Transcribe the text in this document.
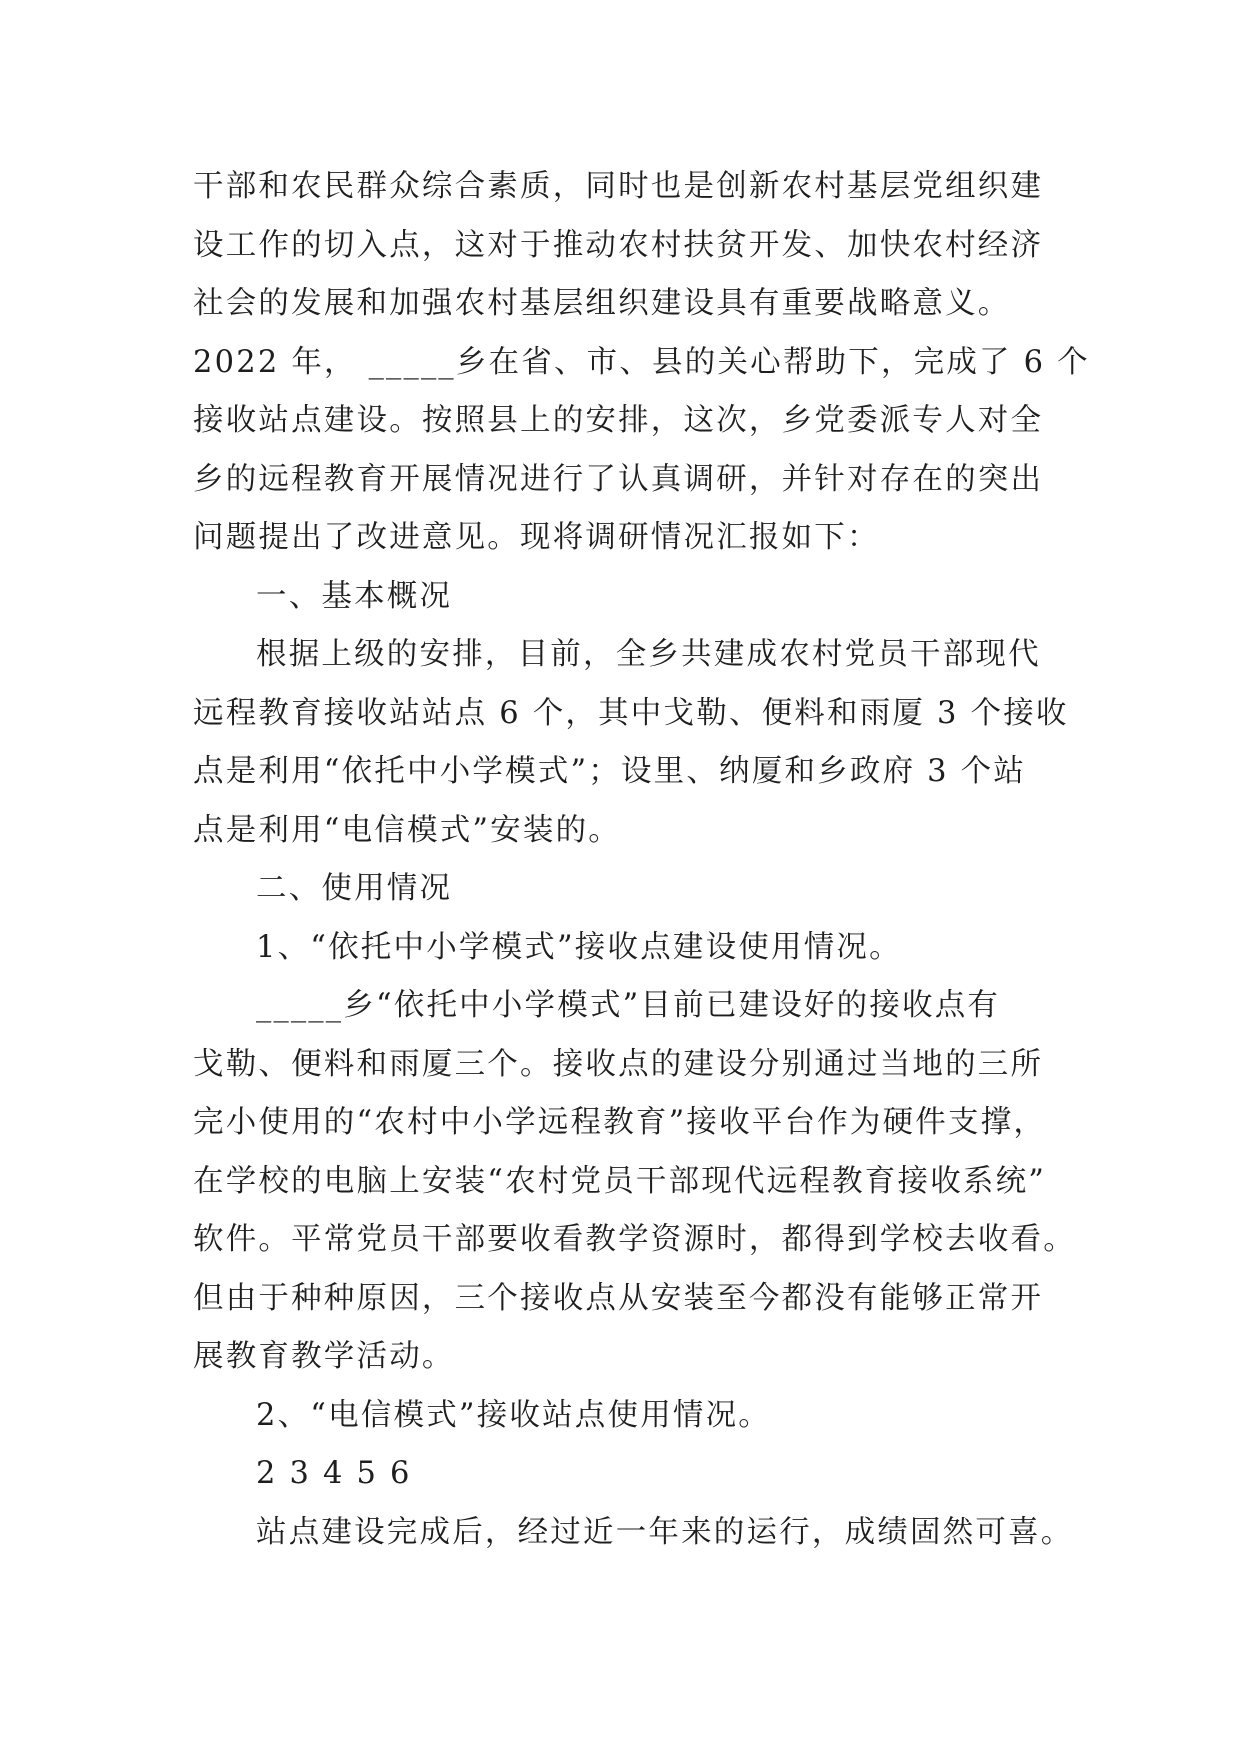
干部和农民群众综合素质，同时也是创新农村基层党组织建
设工作的切入点，这对于推动农村扶贫开发、加快农村经济
社会的发展和加强农村基层组织建设具有重要战略意义。
2022 年， _____乡在省、市、县的关心帮助下，完成了 6 个
接收站点建设。按照县上的安排，这次，乡党委派专人对全
乡的远程教育开展情况进行了认真调研，并针对存在的突出
问题提出了改进意见。现将调研情况汇报如下：
一、基本概况
根据上级的安排，目前，全乡共建成农村党员干部现代
远程教育接收站站点 6 个，其中戈勒、便料和雨厦 3 个接收
点是利用“依托中小学模式”；设里、纳厦和乡政府 3 个站
点是利用“电信模式”安装的。
二、使用情况
1、“依托中小学模式”接收点建设使用情况。
_____乡“依托中小学模式”目前已建设好的接收点有
戈勒、便料和雨厦三个。接收点的建设分别通过当地的三所
完小使用的“农村中小学远程教育”接收平台作为硬件支撑，
在学校的电脑上安装“农村党员干部现代远程教育接收系统”
软件。平常党员干部要收看教学资源时，都得到学校去收看。
但由于种种原因，三个接收点从安装至今都没有能够正常开
展教育教学活动。
2、“电信模式”接收站点使用情况。
2 3 4 5 6
站点建设完成后，经过近一年来的运行，成绩固然可喜。
